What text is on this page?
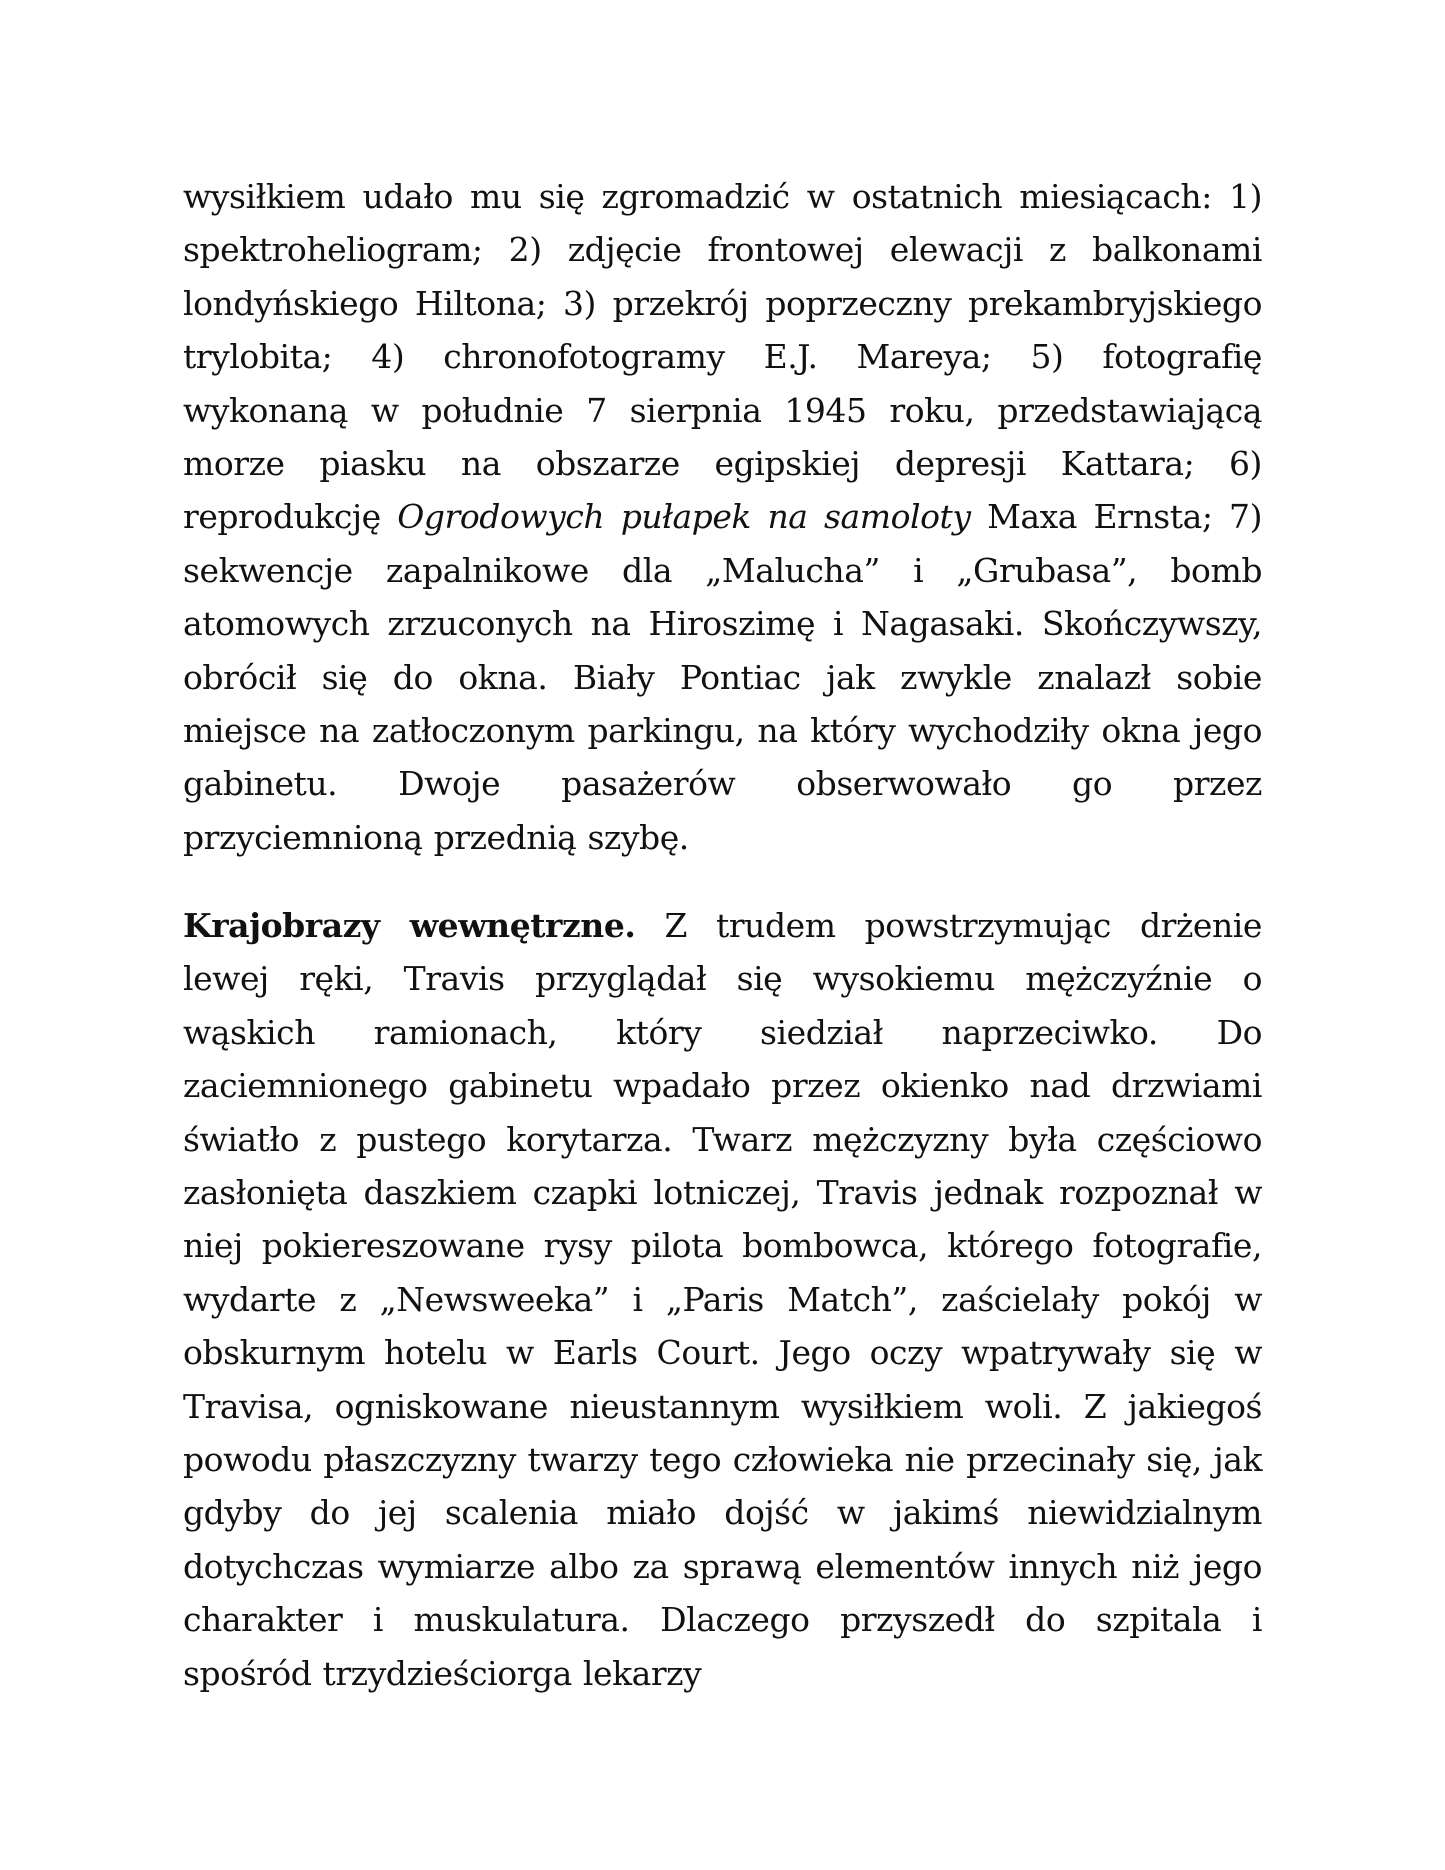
wysiłkiem udało mu się zgromadzić w ostatnich miesiącach: 1) spektroheliogram; 2) zdjęcie frontowej elewacji z balkonami londyńskiego Hiltona; 3) przekrój poprzeczny prekambryjskiego trylobita; 4) chronofotogramy E.J. Mareya; 5) fotografię wykonaną w południe 7 sierpnia 1945 roku, przedstawiającą morze piasku na obszarze egipskiej depresji Kattara; 6) reprodukcję Ogrodowych pułapek na samoloty Maxa Ernsta; 7) sekwencje zapalnikowe dla „Malucha” i „Grubasa”, bomb atomowych zrzuconych na Hiroszimę i Nagasaki. Skończywszy, obrócił się do okna. Biały Pontiac jak zwykle znalazł sobie miejsce na zatłoczonym parkingu, na który wychodziły okna jego gabinetu. Dwoje pasażerów obserwowało go przez przyciemnioną przednią szybę.

Krajobrazy wewnętrzne. Z trudem powstrzymując drżenie lewej ręki, Travis przyglądał się wysokiemu mężczyźnie o wąskich ramionach, który siedział naprzeciwko. Do zaciemnionego gabinetu wpadało przez okienko nad drzwiami światło z pustego korytarza. Twarz mężczyzny była częściowo zasłonięta daszkiem czapki lotniczej, Travis jednak rozpoznał w niej pokiereszowane rysy pilota bombowca, którego fotografie, wydarte z „Newsweeka” i „Paris Match”, zaścielały pokój w obskurnym hotelu w Earls Court. Jego oczy wpatrywały się w Travisa, ogniskowane nieustannym wysiłkiem woli. Z jakiegoś powodu płaszczyzny twarzy tego człowieka nie przecinały się, jak gdyby do jej scalenia miało dojść w jakimś niewidzialnym dotychczas wymiarze albo za sprawą elementów innych niż jego charakter i muskulatura. Dlaczego przyszedł do szpitala i spośród trzydzieściorga lekarzy
